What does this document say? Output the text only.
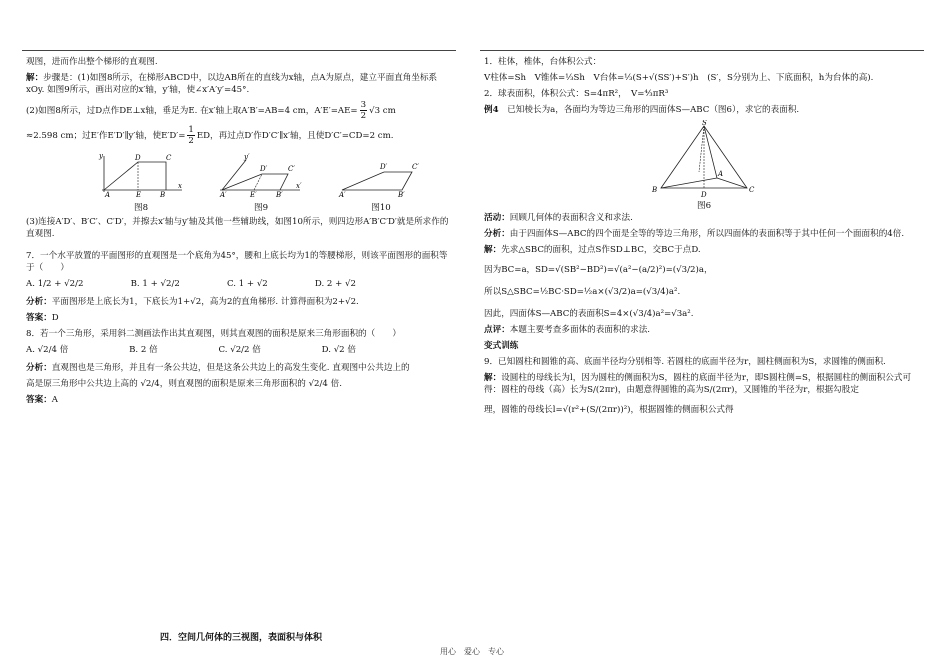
观图，进而作出整个梯形的直观图.

解：步骤是：(1)如图8所示，在梯形ABCD中，以边AB所在的直线为x轴，点A为原点，建立平面直角坐标系xOy. 如图9所示，画出对应的x′轴，y′轴，使∠x′A′y′=45°.

(2)如图8所示，过D点作DE⊥x轴，垂足为E. 在x′轴上取A′B′=AB=4 cm，$A'E'=AE= \frac{3}{2} √3$ cm

≈2.598 cm；过E′作E′D′∥y′轴，使$E'D'= \frac{1}{2}$ ED，再过点D′作D′C′∥x′轴，且使D′C′=CD=2 cm.

A	E	B
D	C
x
y
图8
A′	E′	B′
D′	C′
x′
y′
图9
A′	B′
D′	C′
图10

(3)连接A′D′、B′C′、C′D′，并擦去x′轴与y′轴及其他一些辅助线，如图10所示，则四边形A′B′C′D′就是所求作的直观图.

7．一个水平放置的平面图形的直观图是一个底角为45°，腰和上底长均为1的等腰梯形，则该平面图形的面积等于（　　）

A. 1/2 + √2/2	B. 1 + √2/2	C. 1 + √2	D. 2 + √2

分析：平面图形是上底长为1，下底长为1+√2，高为2的直角梯形. 计算得面积为2+√2.

答案：D

8．若一个三角形，采用斜二测画法作出其直观图，则其直观图的面积是原来三角形面积的（　　）

A. √2/4 倍	B. 2 倍	C. √2/2 倍	D. √2 倍

分析：直观图也是三角形，并且有一条公共边，但是这条公共边上的高发生变化. 直观图中公共边上的

高是原三角形中公共边上高的 √2/4，则直观图的面积是原来三角形面积的 √2/4 倍.

答案：A

四．空间几何体的三视图，表面积与体积

1．柱体，椎体，台体积公式：

V柱体=Sh　V锥体=⅓Sh　V台体=⅓(S+√(SS′)+S′)h　(S′，S分别为上、下底面积，h为台体的高).

2．球表面积，体积公式：S=4πR²，　V=⁴⁄₃πR³

例4　 已知棱长为a，各面均为等边三角形的四面体S—ABC（图6），求它的表面积.

S
B	C
D
A
图6

活动：回顾几何体的表面积含义和求法.

分析：由于四面体S—ABC的四个面是全等的等边三角形，所以四面体的表面积等于其中任何一个面面积的4倍.

解：先求△SBC的面积，过点S作SD⊥BC，交BC于点D.

因为BC=a，SD=√(SB²−BD²)=√(a²−(a/2)²)=(√3/2)a，

所以S△SBC=½BC·SD=½a×(√3/2)a=(√3/4)a².

因此，四面体S—ABC的表面积S=4×(√3/4)a²=√3a².

点评：本题主要考查多面体的表面积的求法.

变式训练

9．已知圆柱和圆锥的高、底面半径均分别相等. 若圆柱的底面半径为r，圆柱侧面积为S，求圆锥的侧面积.

解：设圆柱的母线长为l，因为圆柱的侧面积为S，圆柱的底面半径为r，即S圆柱侧=S，根据圆柱的侧面积公式可得：圆柱的母线（高）长为S/(2πr)，由题意得圆锥的高为S/(2πr)，又圆锥的半径为r，根据勾股定

理，圆锥的母线长l=√(r²+(S/(2πr))²)，根据圆锥的侧面积公式得

用心　爱心　专心
